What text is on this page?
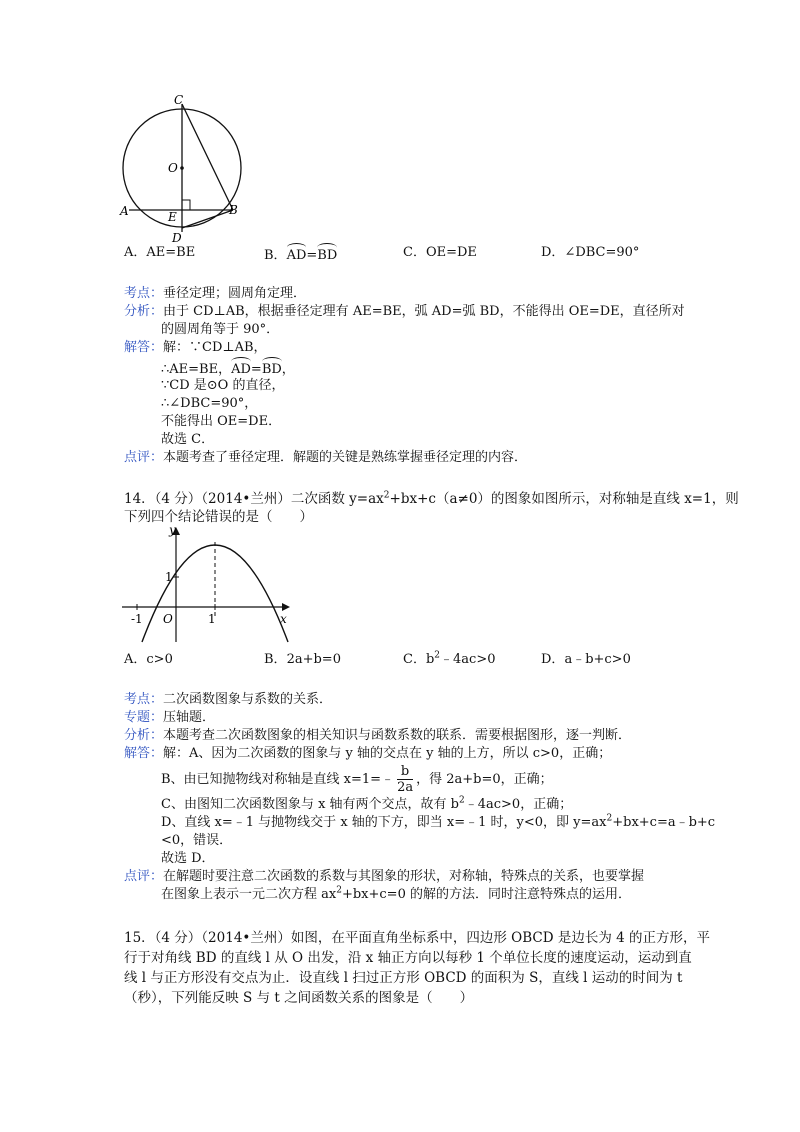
C
O
A	E	B
D
A．AE=BE	B．AD=BD	C．OE=DE	D．∠DBC=90°
考点：垂径定理；圆周角定理．
分析：由于 CD⊥AB，根据垂径定理有 AE=BE，弧 AD=弧 BD，不能得出 OE=DE，直径所对
的圆周角等于 90°．
解答：解：∵CD⊥AB，
∴AE=BE，AD=BD，
∵CD 是⊙O 的直径，
∴∠DBC=90°，
不能得出 OE=DE．
故选 C．
点评：本题考查了垂径定理．解题的关键是熟练掌握垂径定理的内容．
14．（4 分）（2014•兰州）二次函数 $y=ax^2+bx+c(a\ne 0)$的图象如图所示，对称轴是直线 x=1，则
下列四个结论错误的是（　　）
y
x
1
-1 O	1
A．c>0	B．2a+b=0	C．$b^2﹣4ac>0$	D．a﹣b+c>0
考点：二次函数图象与系数的关系．
专题：压轴题．
分析：本题考查二次函数图象的相关知识与函数系数的联系．需要根据图形，逐一判断．
解答：解：A、因为二次函数的图象与 y 轴的交点在 y 轴的上方，所以 c>0，正确；
B、由已知抛物线对称轴是直线 x=1=﹣ $\frac{b}{2a}$ ，得 2a+b=0，正确；
C、由图知二次函数图象与 x 轴有两个交点，故有 $b^2﹣4ac>0$，正确；
D、直线 x=﹣1 与抛物线交于 x 轴的下方，即当 x=﹣1 时，y<0，即 $y=ax^2+bx+c=a﹣b+c$
<0，错误．
故选 D．
点评：在解题时要注意二次函数的系数与其图象的形状，对称轴，特殊点的关系，也要掌握
在图象上表示一元二次方程 $ax^2+bx+c=0$ 的解的方法．同时注意特殊点的运用．
15．（4 分）（2014•兰州）如图，在平面直角坐标系中，四边形 OBCD 是边长为 4 的正方形，平
行于对角线 BD 的直线 l 从 O 出发，沿 x 轴正方向以每秒 1 个单位长度的速度运动，运动到直
线 l 与正方形没有交点为止．设直线 l 扫过正方形 OBCD 的面积为 S，直线 l 运动的时间为 t
（秒），下列能反映 S 与 t 之间函数关系的图象是（　　）
